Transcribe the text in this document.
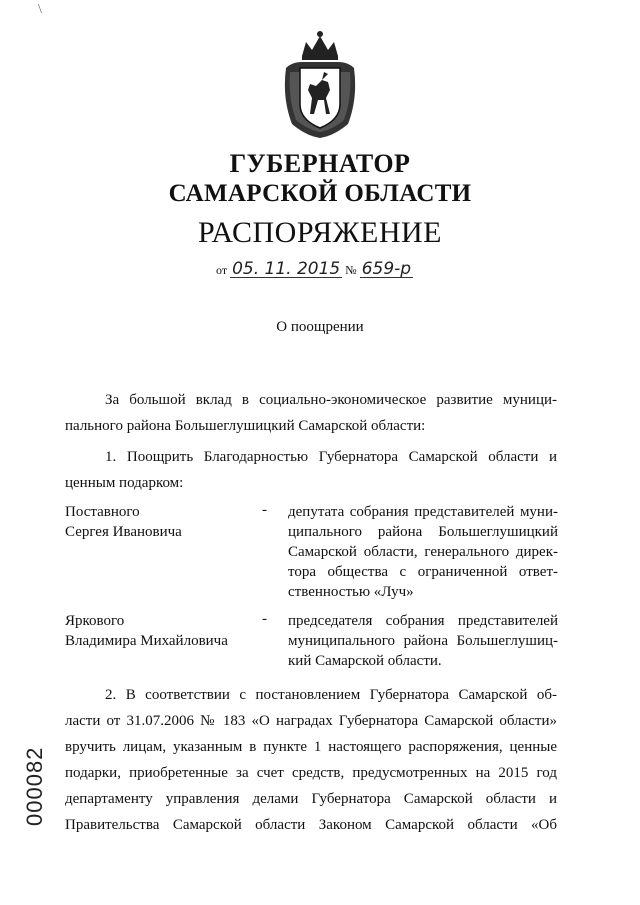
\
ГУБЕРНАТОР
САМАРСКОЙ ОБЛАСТИ
РАСПОРЯЖЕНИЕ
от 05. 11. 2015 № 659-р
О поощрении
За большой вклад в социально-экономическое развитие муници-
пального района Большеглушицкий Самарской области:
1. Поощрить Благодарностью Губернатора Самарской области и
ценным подарком:
Поставного
Сергея Ивановича
- депутата собрания представителей муни-
ципального района Большеглушицкий
Самарской области, генерального дирек-
тора общества с ограниченной ответ-
ственностью «Луч»
Яркового
Владимира Михайловича
- председателя собрания представителей
муниципального района Большеглушиц-
кий Самарской области.
2. В соответствии с постановлением Губернатора Самарской об-
ласти от 31.07.2006 № 183 «О наградах Губернатора Самарской области»
вручить лицам, указанным в пункте 1 настоящего распоряжения, ценные
подарки, приобретенные за счет средств, предусмотренных на 2015 год
департаменту управления делами Губернатора Самарской области и
Правительства Самарской области Законом Самарской области «Об
000082
